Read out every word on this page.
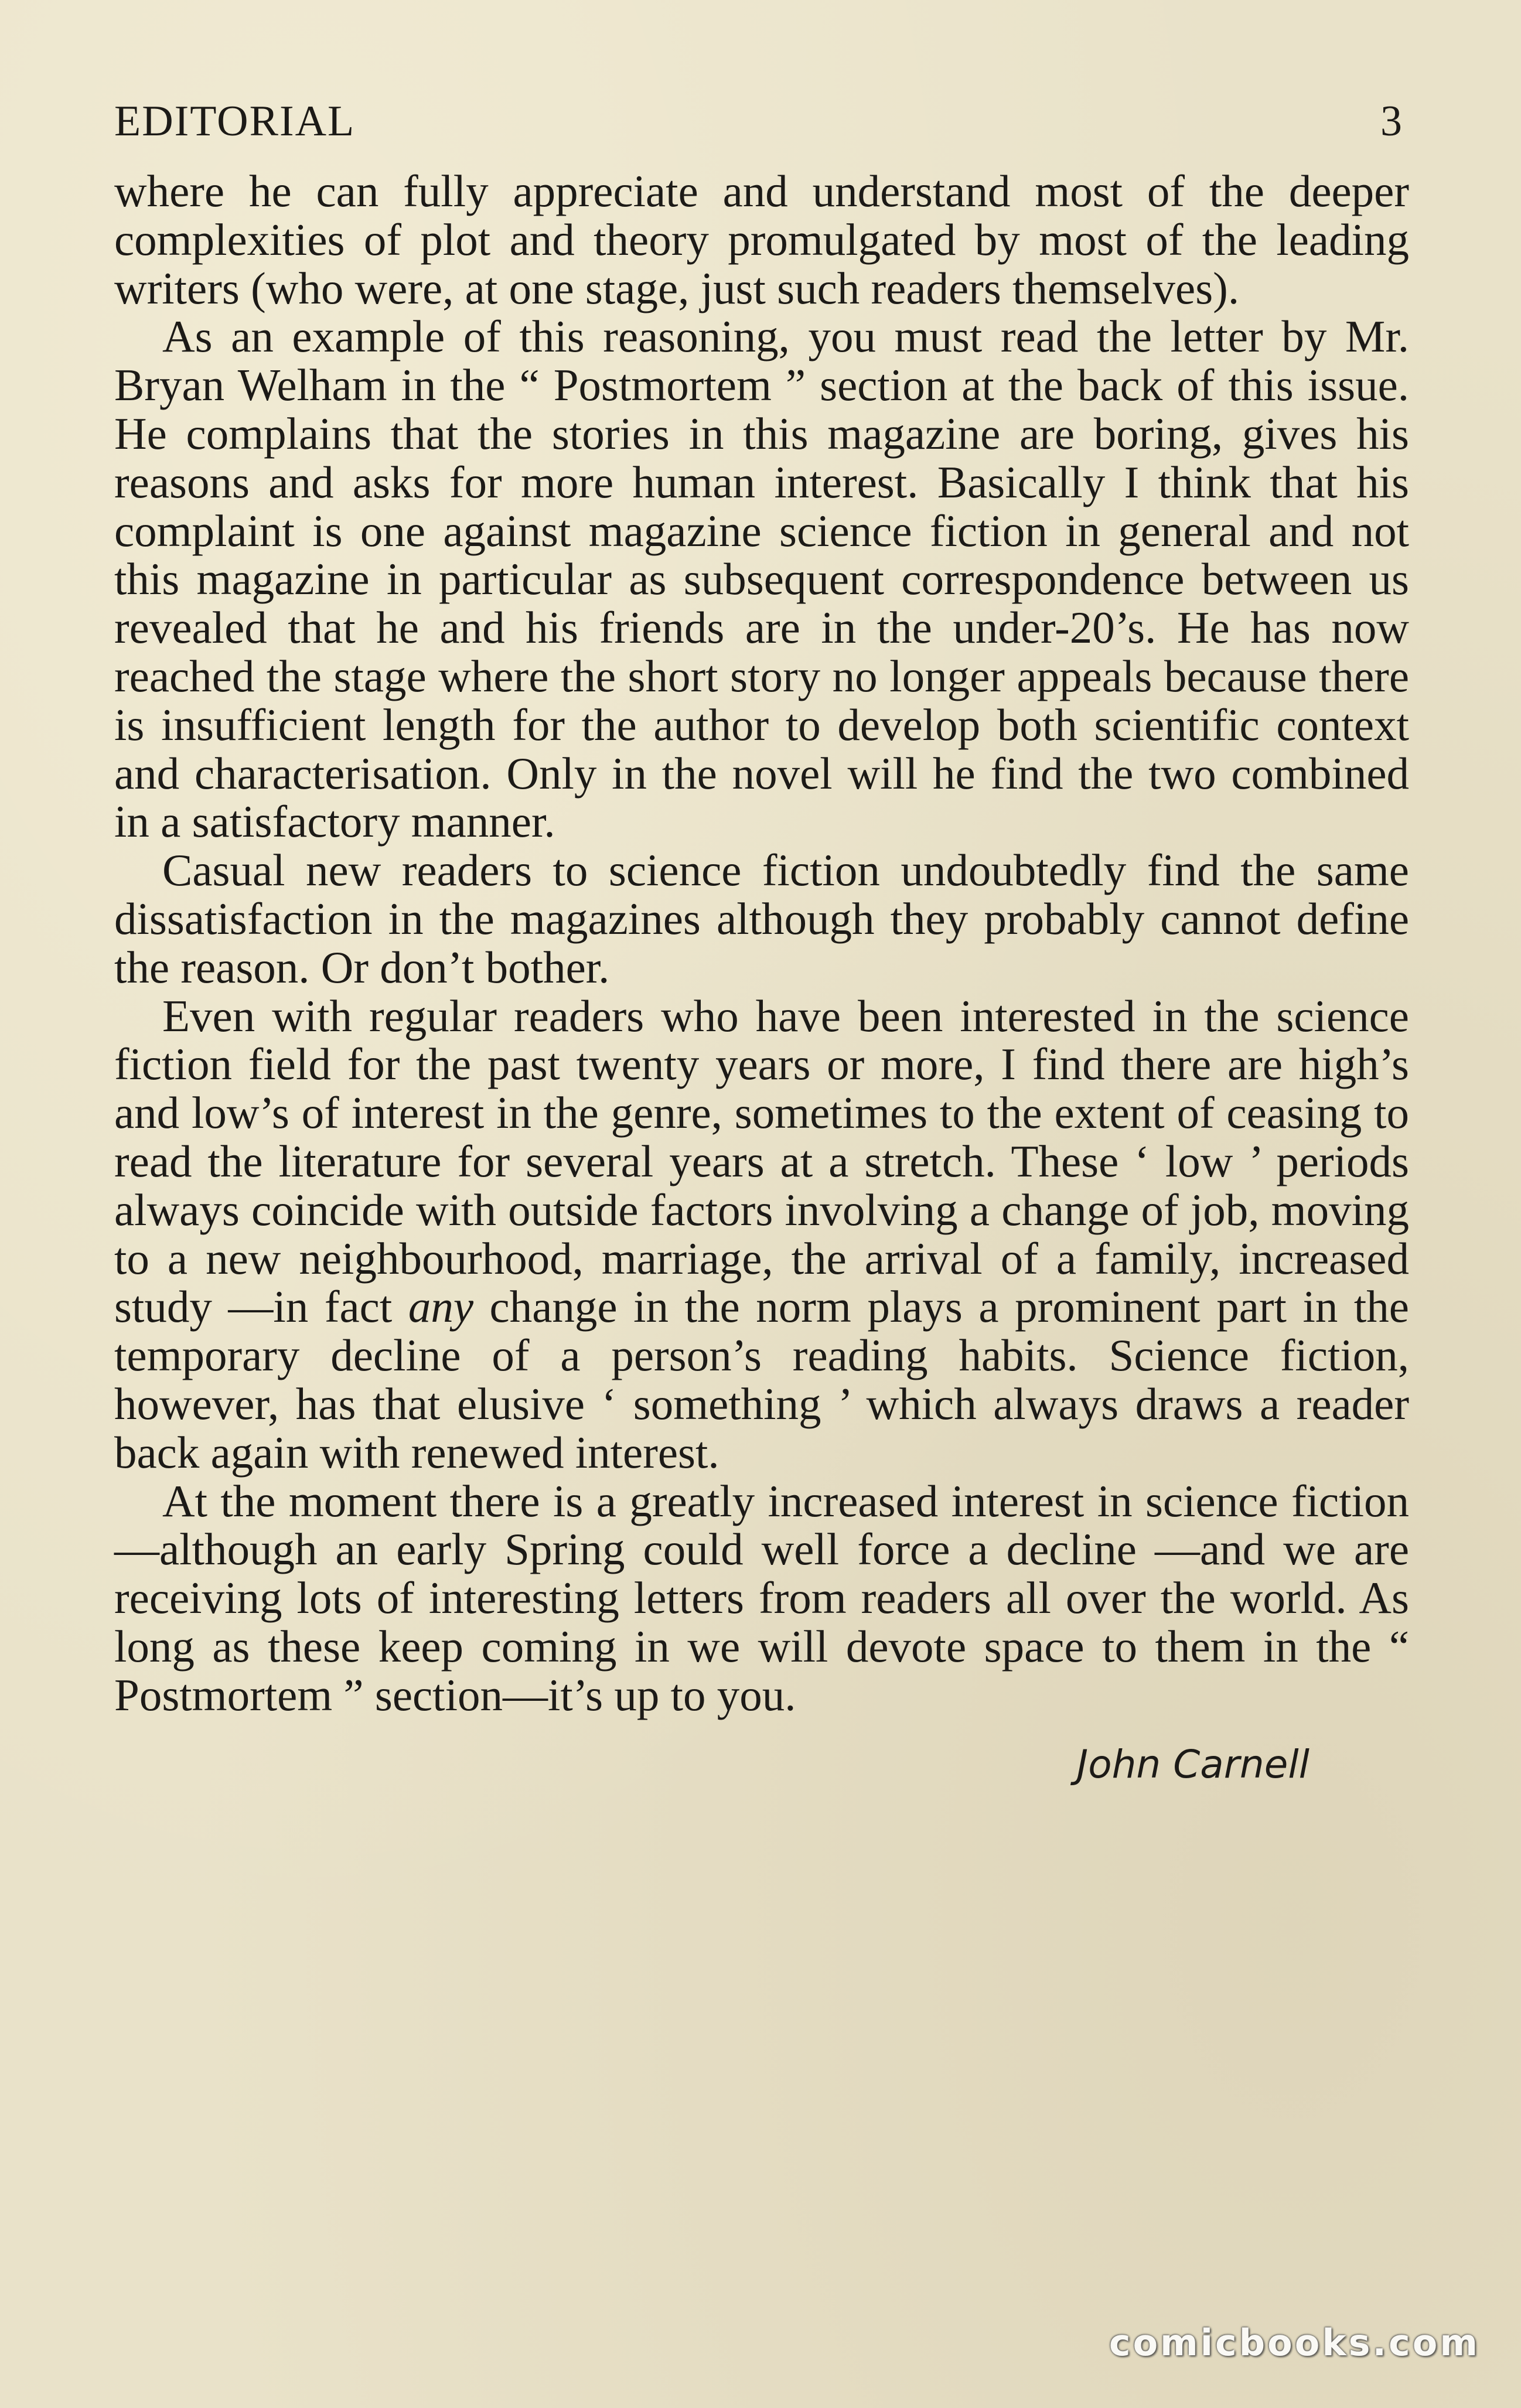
EDITORIAL	3

where he can fully appreciate and understand most of the deeper complexities of plot and theory promulgated by most of the leading writers (who were, at one stage, just such readers themselves).

As an example of this reasoning, you must read the letter by Mr. Bryan Welham in the “ Postmortem ” section at the back of this issue. He complains that the stories in this magazine are boring, gives his reasons and asks for more human interest. Basically I think that his complaint is one against magazine science fiction in general and not this magazine in particular as subsequent correspondence between us revealed that he and his friends are in the under-20’s. He has now reached the stage where the short story no longer appeals because there is insufficient length for the author to develop both scientific context and characterisation. Only in the novel will he find the two combined in a satisfactory manner.

Casual new readers to science fiction undoubtedly find the same dissatisfaction in the magazines although they probably cannot define the reason. Or don’t bother.

Even with regular readers who have been interested in the science fiction field for the past twenty years or more, I find there are high’s and low’s of interest in the genre, sometimes to the extent of ceasing to read the literature for several years at a stretch. These ‘ low ’ periods always coincide with outside factors involving a change of job, moving to a new neighbourhood, marriage, the arrival of a family, increased study —in fact any change in the norm plays a prominent part in the temporary decline of a person’s reading habits. Science fiction, however, has that elusive ‘ something ’ which always draws a reader back again with renewed interest.

At the moment there is a greatly increased interest in science fiction—although an early Spring could well force a decline —and we are receiving lots of interesting letters from readers all over the world. As long as these keep coming in we will devote space to them in the “ Postmortem ” section—it’s up to you.

John Carnell
comicbooks.com
